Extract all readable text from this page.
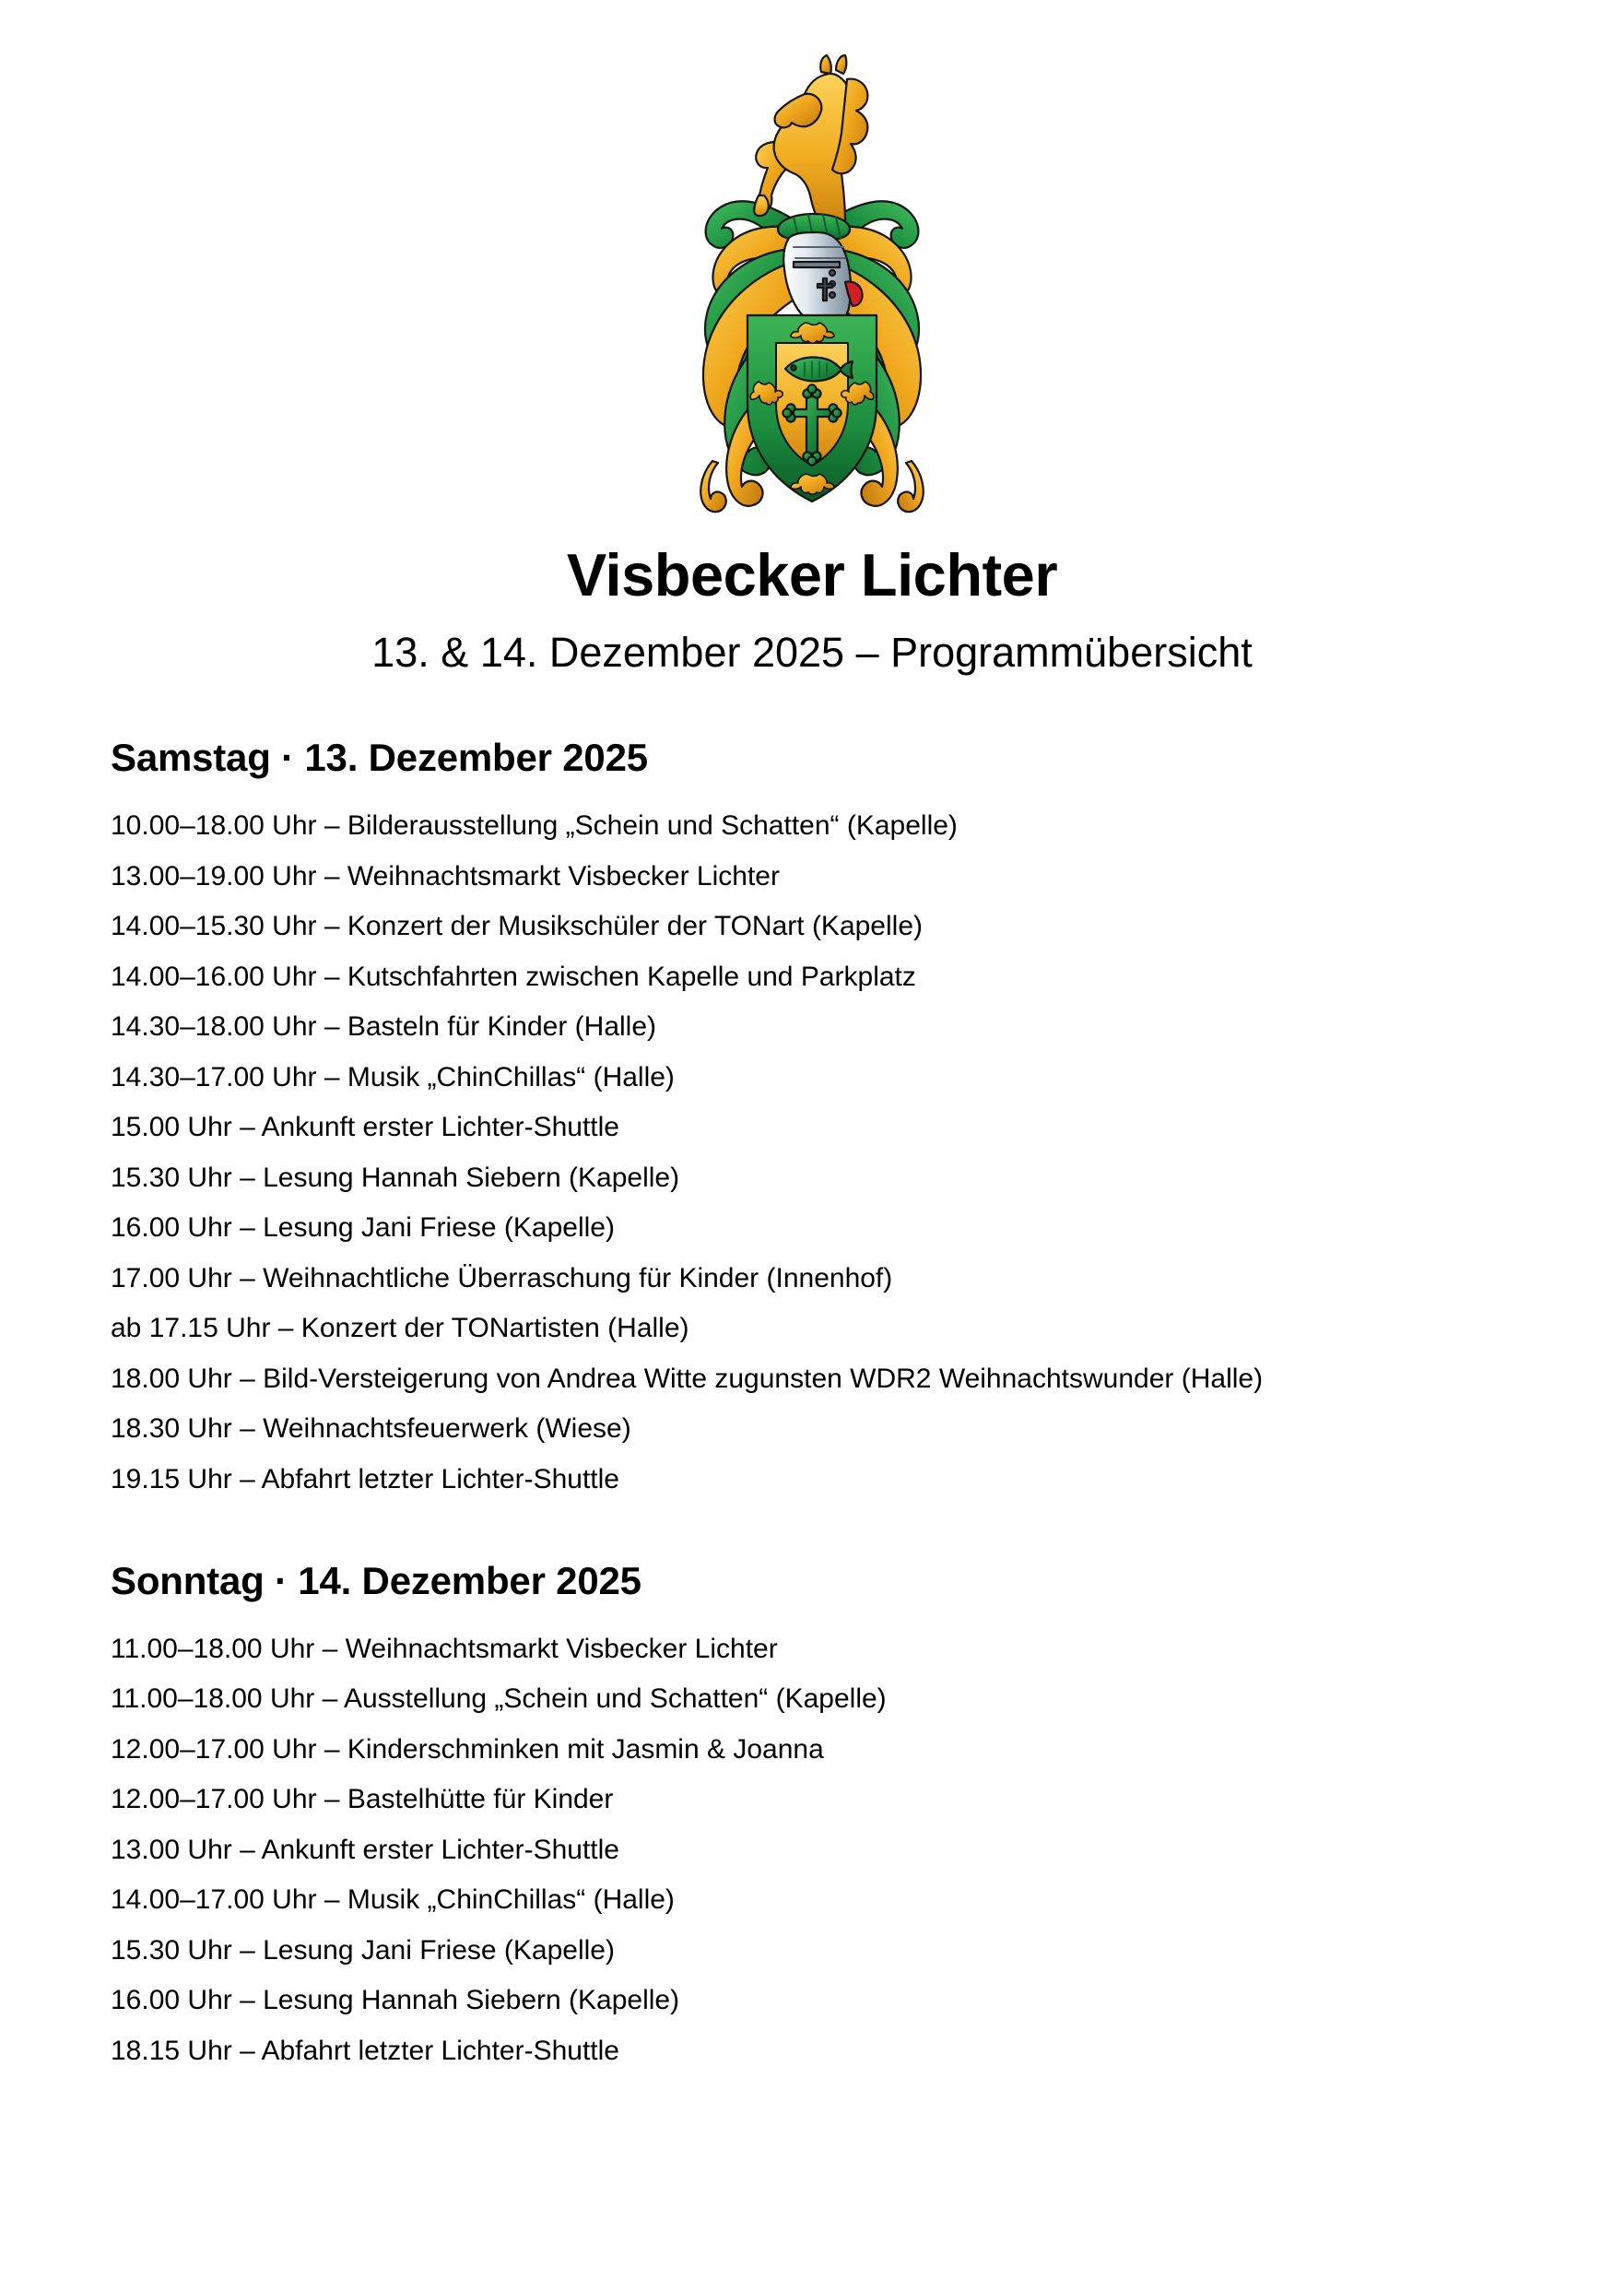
Visbecker Lichter

13. & 14. Dezember 2025 – Programmübersicht

Samstag · 13. Dezember 2025
10.00–18.00 Uhr – Bilderausstellung „Schein und Schatten“ (Kapelle)
13.00–19.00 Uhr – Weihnachtsmarkt Visbecker Lichter
14.00–15.30 Uhr – Konzert der Musikschüler der TONart (Kapelle)
14.00–16.00 Uhr – Kutschfahrten zwischen Kapelle und Parkplatz
14.30–18.00 Uhr – Basteln für Kinder (Halle)
14.30–17.00 Uhr – Musik „ChinChillas“ (Halle)
15.00 Uhr – Ankunft erster Lichter-Shuttle
15.30 Uhr – Lesung Hannah Siebern (Kapelle)
16.00 Uhr – Lesung Jani Friese (Kapelle)
17.00 Uhr – Weihnachtliche Überraschung für Kinder (Innenhof)
ab 17.15 Uhr – Konzert der TONartisten (Halle)
18.00 Uhr – Bild-Versteigerung von Andrea Witte zugunsten WDR2 Weihnachtswunder (Halle)
18.30 Uhr – Weihnachtsfeuerwerk (Wiese)
19.15 Uhr – Abfahrt letzter Lichter-Shuttle
Sonntag · 14. Dezember 2025
11.00–18.00 Uhr – Weihnachtsmarkt Visbecker Lichter
11.00–18.00 Uhr – Ausstellung „Schein und Schatten“ (Kapelle)
12.00–17.00 Uhr – Kinderschminken mit Jasmin & Joanna
12.00–17.00 Uhr – Bastelhütte für Kinder
13.00 Uhr – Ankunft erster Lichter-Shuttle
14.00–17.00 Uhr – Musik „ChinChillas“ (Halle)
15.30 Uhr – Lesung Jani Friese (Kapelle)
16.00 Uhr – Lesung Hannah Siebern (Kapelle)
18.15 Uhr – Abfahrt letzter Lichter-Shuttle
